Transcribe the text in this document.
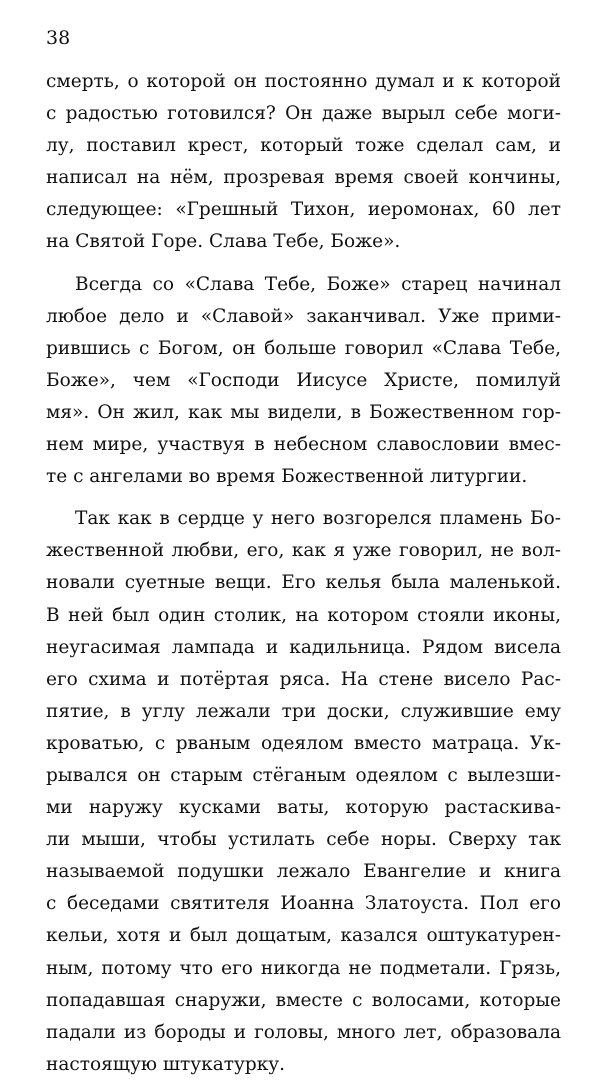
38
смерть, о которой он постоянно думал и к которой
с радостью готовился? Он даже вырыл себе моги-
лу, поставил крест, который тоже сделал сам, и
написал на нём, прозревая время своей кончины,
следующее: «Грешный Тихон, иеромонах, 60 лет
на Святой Горе. Слава Тебе, Боже».
Всегда со «Слава Тебе, Боже» старец начинал
любое дело и «Славой» заканчивал. Уже прими-
рившись с Богом, он больше говорил «Слава Тебе,
Боже», чем «Господи Иисусе Христе, помилуй
мя». Он жил, как мы видели, в Божественном гор-
нем мире, участвуя в небесном славословии вмес-
те с ангелами во время Божественной литургии.
Так как в сердце у него возгорелся пламень Бо-
жественной любви, его, как я уже говорил, не вол-
новали суетные вещи. Его келья была маленькой.
В ней был один столик, на котором стояли иконы,
неугасимая лампада и кадильница. Рядом висела
его схима и потёртая ряса. На стене висело Рас-
пятие, в углу лежали три доски, служившие ему
кроватью, с рваным одеялом вместо матраца. Ук-
рывался он старым стёганым одеялом с вылезши-
ми наружу кусками ваты, которую растаскива-
ли мыши, чтобы устилать себе норы. Сверху так
называемой подушки лежало Евангелие и книга
с беседами святителя Иоанна Златоуста. Пол его
кельи, хотя и был дощатым, казался оштукатурен-
ным, потому что его никогда не подметали. Грязь,
попадавшая снаружи, вместе с волосами, которые
падали из бороды и головы, много лет, образовала
настоящую штукатурку.
